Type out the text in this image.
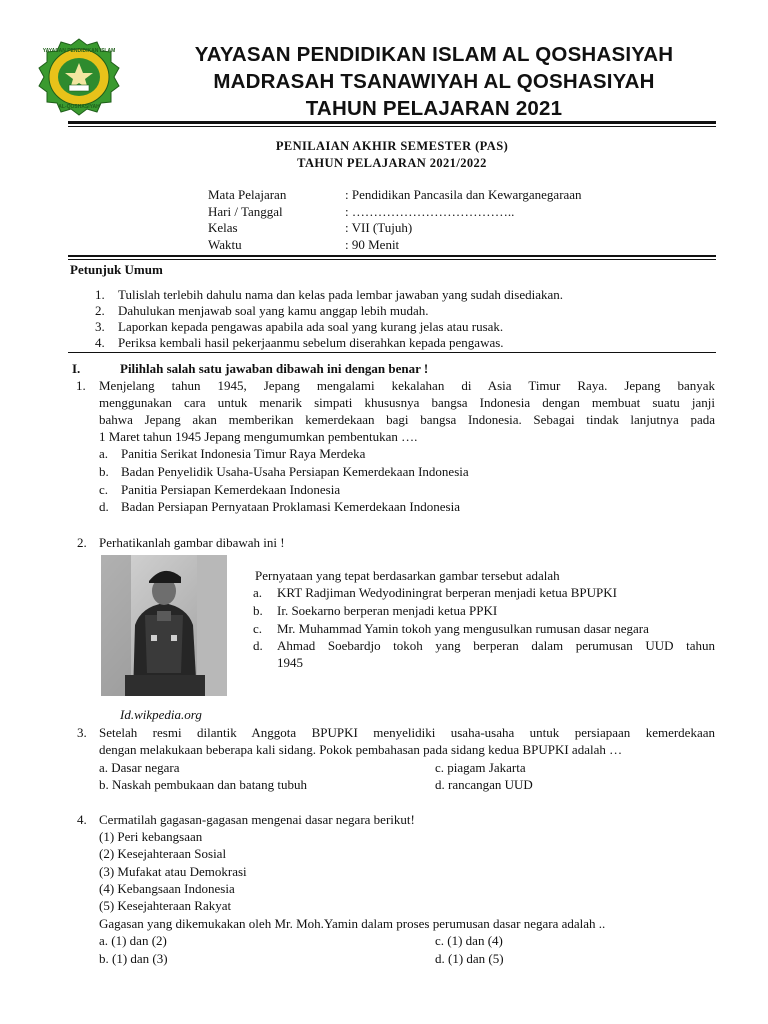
YAYASAN PENDIDIKAN ISLAM
AL-QOSHASIYAH
YAYASAN PENDIDIKAN ISLAM AL QOSHASIYAH
MADRASAH TSANAWIYAH AL QOSHASIYAH
TAHUN PELAJARAN 2021
PENILAIAN AKHIR SEMESTER (PAS)
TAHUN PELAJARAN 2021/2022
Mata Pelajaran	: Pendidikan Pancasila dan Kewarganegaraan
Hari / Tanggal	: ………………………………..
Kelas	: VII (Tujuh)
Waktu	: 90 Menit
Petunjuk Umum
1. Tulislah terlebih dahulu nama dan kelas pada lembar jawaban yang sudah disediakan.
2. Dahulukan menjawab soal yang kamu anggap lebih mudah.
3. Laporkan kepada pengawas apabila ada soal yang kurang jelas atau rusak.
4. Periksa kembali hasil pekerjaanmu sebelum diserahkan kepada pengawas.
I.	Pilihlah salah satu jawaban dibawah ini dengan benar !
1. Menjelang tahun 1945, Jepang mengalami kekalahan di Asia Timur Raya. Jepang banyak
menggunakan cara untuk menarik simpati khususnya bangsa Indonesia dengan membuat suatu janji
bahwa Jepang akan memberikan kemerdekaan bagi bangsa Indonesia. Sebagai tindak lanjutnya pada
1 Maret tahun 1945 Jepang mengumumkan pembentukan ….
a. Panitia Serikat Indonesia Timur Raya Merdeka
b. Badan Penyelidik Usaha-Usaha Persiapan Kemerdekaan Indonesia
c. Panitia Persiapan Kemerdekaan Indonesia
d. Badan Persiapan Pernyataan Proklamasi Kemerdekaan Indonesia
2. Perhatikanlah gambar dibawah ini !
Pernyataan yang tepat berdasarkan gambar tersebut adalah
a. KRT Radjiman Wedyodiningrat berperan menjadi ketua BPUPKI
b. Ir. Soekarno berperan menjadi ketua PPKI
c. Mr. Muhammad Yamin tokoh yang mengusulkan rumusan dasar negara
d. Ahmad Soebardjo tokoh yang berperan dalam perumusan UUD tahun
1945
Id.wikpedia.org
3. Setelah resmi dilantik Anggota BPUPKI menyelidiki usaha-usaha untuk persiapaan kemerdekaan
dengan melakukaan beberapa kali sidang. Pokok pembahasan pada sidang kedua BPUPKI adalah …
a. Dasar negara
b. Naskah pembukaan dan batang tubuh
c. piagam Jakarta
d. rancangan UUD
4. Cermatilah gagasan-gagasan mengenai dasar negara berikut!
(1) Peri kebangsaan
(2) Kesejahteraan Sosial
(3) Mufakat atau Demokrasi
(4) Kebangsaan Indonesia
(5) Kesejahteraan Rakyat
Gagasan yang dikemukakan oleh Mr. Moh.Yamin dalam proses perumusan dasar negara adalah ..
a. (1) dan (2)
b. (1) dan (3)
c. (1) dan (4)
d. (1) dan (5)
